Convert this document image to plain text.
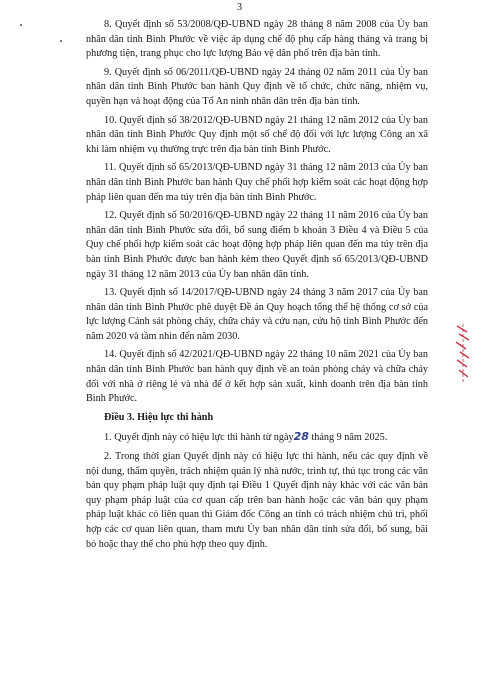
3

8. Quyết định số 53/2008/QĐ-UBND ngày 28 tháng 8 năm 2008 của Ủy ban nhân dân tỉnh Bình Phước về việc áp dụng chế độ phụ cấp hàng tháng và trang bị phương tiện, trang phục cho lực lượng Bảo vệ dân phố trên địa bàn tỉnh.

9. Quyết định số 06/2011/QĐ-UBND ngày 24 tháng 02 năm 2011 của Ủy ban nhân dân tỉnh Bình Phước ban hành Quy định về tổ chức, chức năng, nhiệm vụ, quyền hạn và hoạt động của Tổ An ninh nhân dân trên địa bàn tỉnh.

10. Quyết định số 38/2012/QĐ-UBND ngày 21 tháng 12 năm 2012 của Ủy ban nhân dân tỉnh Bình Phước Quy định một số chế độ đối với lực lượng Công an xã khi làm nhiệm vụ thường trực trên địa bàn tỉnh Bình Phước.

11. Quyết định số 65/2013/QĐ-UBND ngày 31 tháng 12 năm 2013 của Ủy ban nhân dân tỉnh Bình Phước ban hành Quy chế phối hợp kiểm soát các hoạt động hợp pháp liên quan đến ma túy trên địa bàn tỉnh Bình Phước.

12. Quyết định số 50/2016/QĐ-UBND ngày 22 tháng 11 năm 2016 của Ủy ban nhân dân tỉnh Bình Phước sửa đổi, bổ sung điểm b khoản 3 Điều 4 và Điều 5 của Quy chế phối hợp kiểm soát các hoạt động hợp pháp liên quan đến ma túy trên địa bàn tỉnh Bình Phước được ban hành kèm theo Quyết định số 65/2013/QĐ-UBND ngày 31 tháng 12 năm 2013 của Ủy ban nhân dân tỉnh.

13. Quyết định số 14/2017/QĐ-UBND ngày 24 tháng 3 năm 2017 của Ủy ban nhân dân tỉnh Bình Phước phê duyệt Đề án Quy hoạch tổng thể hệ thống cơ sở của lực lượng Cảnh sát phòng cháy, chữa cháy và cứu nạn, cứu hộ tỉnh Bình Phước đến năm 2020 và tầm nhìn đến năm 2030.

14. Quyết định số 42/2021/QĐ-UBND ngày 22 tháng 10 năm 2021 của Ủy ban nhân dân tỉnh Bình Phước ban hành quy định về an toàn phòng cháy và chữa cháy đối với nhà ở riêng lẻ và nhà để ở kết hợp sản xuất, kinh doanh trên địa bàn tỉnh Bình Phước.

Điều 3. Hiệu lực thi hành

1. Quyết định này có hiệu lực thi hành từ ngày28 tháng 9 năm 2025.

2. Trong thời gian Quyết định này có hiệu lực thi hành, nếu các quy định về nội dung, thẩm quyền, trách nhiệm quản lý nhà nước, trình tự, thủ tục trong các văn bản quy phạm pháp luật quy định tại Điều 1 Quyết định này khác với các văn bản quy phạm pháp luật của cơ quan cấp trên ban hành hoặc các văn bản quy phạm pháp luật khác có liên quan thì Giám đốc Công an tỉnh có trách nhiệm chủ trì, phối hợp các cơ quan liên quan, tham mưu Ủy ban nhân dân tỉnh sửa đổi, bổ sung, bãi bỏ hoặc thay thế cho phù hợp theo quy định.
